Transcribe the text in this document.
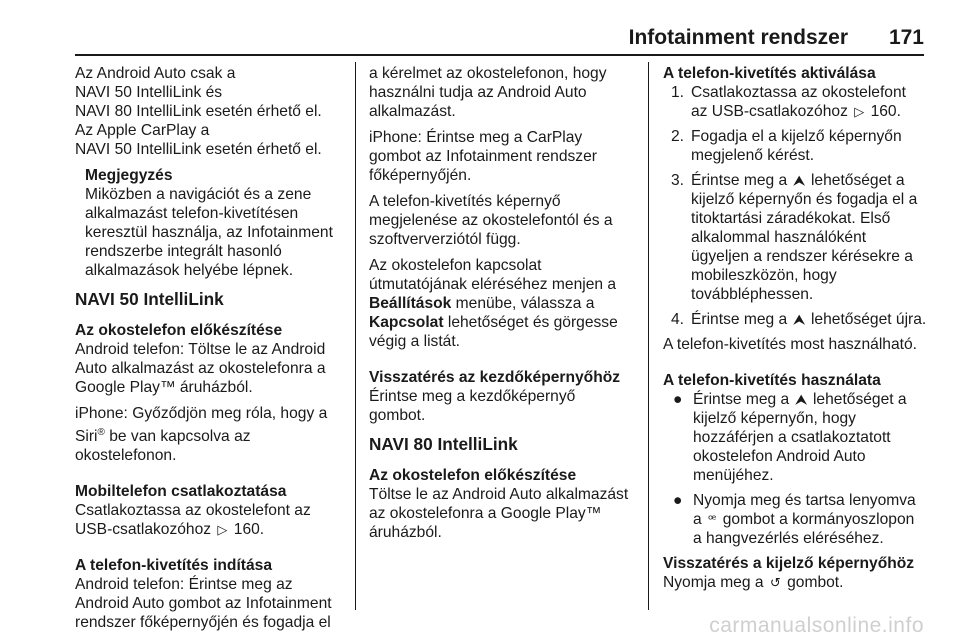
Infotainment rendszer 171
Az Android Auto csak a
NAVI 50 IntelliLink és
NAVI 80 IntelliLink esetén érhető el.
Az Apple CarPlay a
NAVI 50 IntelliLink esetén érhető el.
Megjegyzés
Miközben a navigációt és a zene
alkalmazást telefon-kivetítésen
keresztül használja, az Infotainment
rendszerbe integrált hasonló
alkalmazások helyébe lépnek.
NAVI 50 IntelliLink
Az okostelefon előkészítése
Android telefon: Töltse le az Android
Auto alkalmazást az okostelefonra a
Google Play™ áruházból.
iPhone: Győződjön meg róla, hogy a
Siri® be van kapcsolva az
okostelefonon.
Mobiltelefon csatlakoztatása
Csatlakoztassa az okostelefont az
USB-csatlakozóhoz ▷ 160.
A telefon-kivetítés indítása
Android telefon: Érintse meg az
Android Auto gombot az Infotainment
rendszer főképernyőjén és fogadja el
a kérelmet az okostelefonon, hogy
használni tudja az Android Auto
alkalmazást.
iPhone: Érintse meg a CarPlay
gombot az Infotainment rendszer
főképernyőjén.
A telefon-kivetítés képernyő
megjelenése az okostelefontól és a
szoftververziótól függ.
Az okostelefon kapcsolat
útmutatójának eléréséhez menjen a
Beállítások menübe, válassza a
Kapcsolat lehetőséget és görgesse
végig a listát.
Visszatérés az kezdőképernyőhöz
Érintse meg a kezdőképernyő
gombot.
NAVI 80 IntelliLink
Az okostelefon előkészítése
Töltse le az Android Auto alkalmazást
az okostelefonra a Google Play™
áruházból.
A telefon-kivetítés aktiválása
1. Csatlakoztassa az okostelefont
az USB-csatlakozóhoz ▷ 160.
2. Fogadja el a kijelző képernyőn
megjelenő kérést.
3. Érintse meg a ⮝ lehetőséget a
kijelző képernyőn és fogadja el a
titoktartási záradékokat. Első
alkalommal használóként
ügyeljen a rendszer kérésekre a
mobileszközön, hogy
továbbléphessen.
4. Érintse meg a ⮝ lehetőséget újra.
A telefon-kivetítés most használható.
A telefon-kivetítés használata
● Érintse meg a ⮝ lehetőséget a
kijelző képernyőn, hogy
hozzáférjen a csatlakoztatott
okostelefon Android Auto
menüjéhez.
● Nyomja meg és tartsa lenyomva
a ꟹ gombot a kormányoszlopon
a hangvezérlés eléréséhez.
Visszatérés a kijelző képernyőhöz
Nyomja meg a ↺ gombot.
carmanualsonline.info
